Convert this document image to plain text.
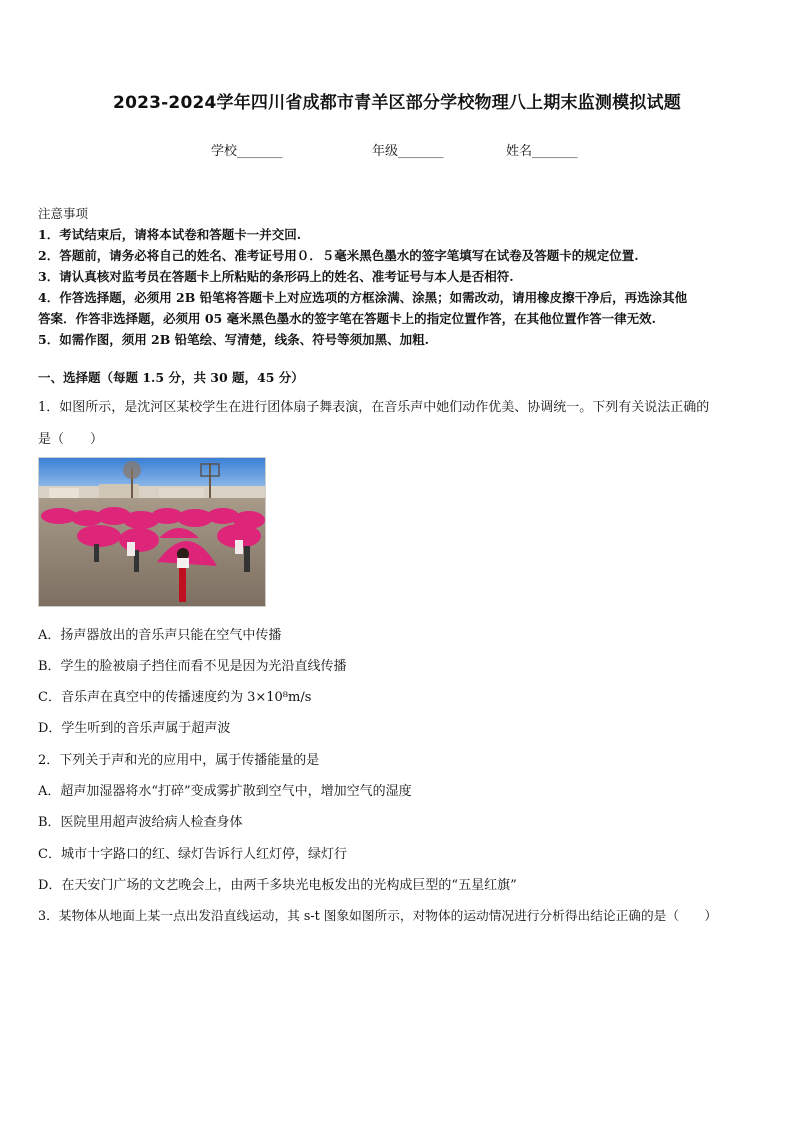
2023-2024学年四川省成都市青羊区部分学校物理八上期末监测模拟试题
学校_______	年级_______	姓名_______
注意事项
1．考试结束后，请将本试卷和答题卡一并交回.
2．答题前，请务必将自己的姓名、准考证号用０．５毫米黑色墨水的签字笔填写在试卷及答题卡的规定位置.
3．请认真核对监考员在答题卡上所粘贴的条形码上的姓名、准考证号与本人是否相符.
4．作答选择题，必须用 2B 铅笔将答题卡上对应选项的方框涂满、涂黑；如需改动，请用橡皮擦干净后，再选涂其他
答案．作答非选择题，必须用 05 毫米黑色墨水的签字笔在答题卡上的指定位置作答，在其他位置作答一律无效.
5．如需作图，须用 2B 铅笔绘、写清楚，线条、符号等须加黑、加粗.
一、选择题（每题 1.5 分，共 30 题，45 分）
1．如图所示，是沈河区某校学生在进行团体扇子舞表演，在音乐声中她们动作优美、协调统一。下列有关说法正确的
是（　　）
A．扬声器放出的音乐声只能在空气中传播
B．学生的脸被扇子挡住而看不见是因为光沿直线传播
C．音乐声在真空中的传播速度约为 3×10⁸m/s
D．学生听到的音乐声属于超声波
2．下列关于声和光的应用中，属于传播能量的是
A．超声加湿器将水“打碎”变成雾扩散到空气中，增加空气的湿度
B．医院里用超声波给病人检查身体
C．城市十字路口的红、绿灯告诉行人红灯停，绿灯行
D．在天安门广场的文艺晚会上，由两千多块光电板发出的光构成巨型的“五星红旗”
3．某物体从地面上某一点出发沿直线运动，其 s-t 图象如图所示，对物体的运动情况进行分析得出结论正确的是（　　）
